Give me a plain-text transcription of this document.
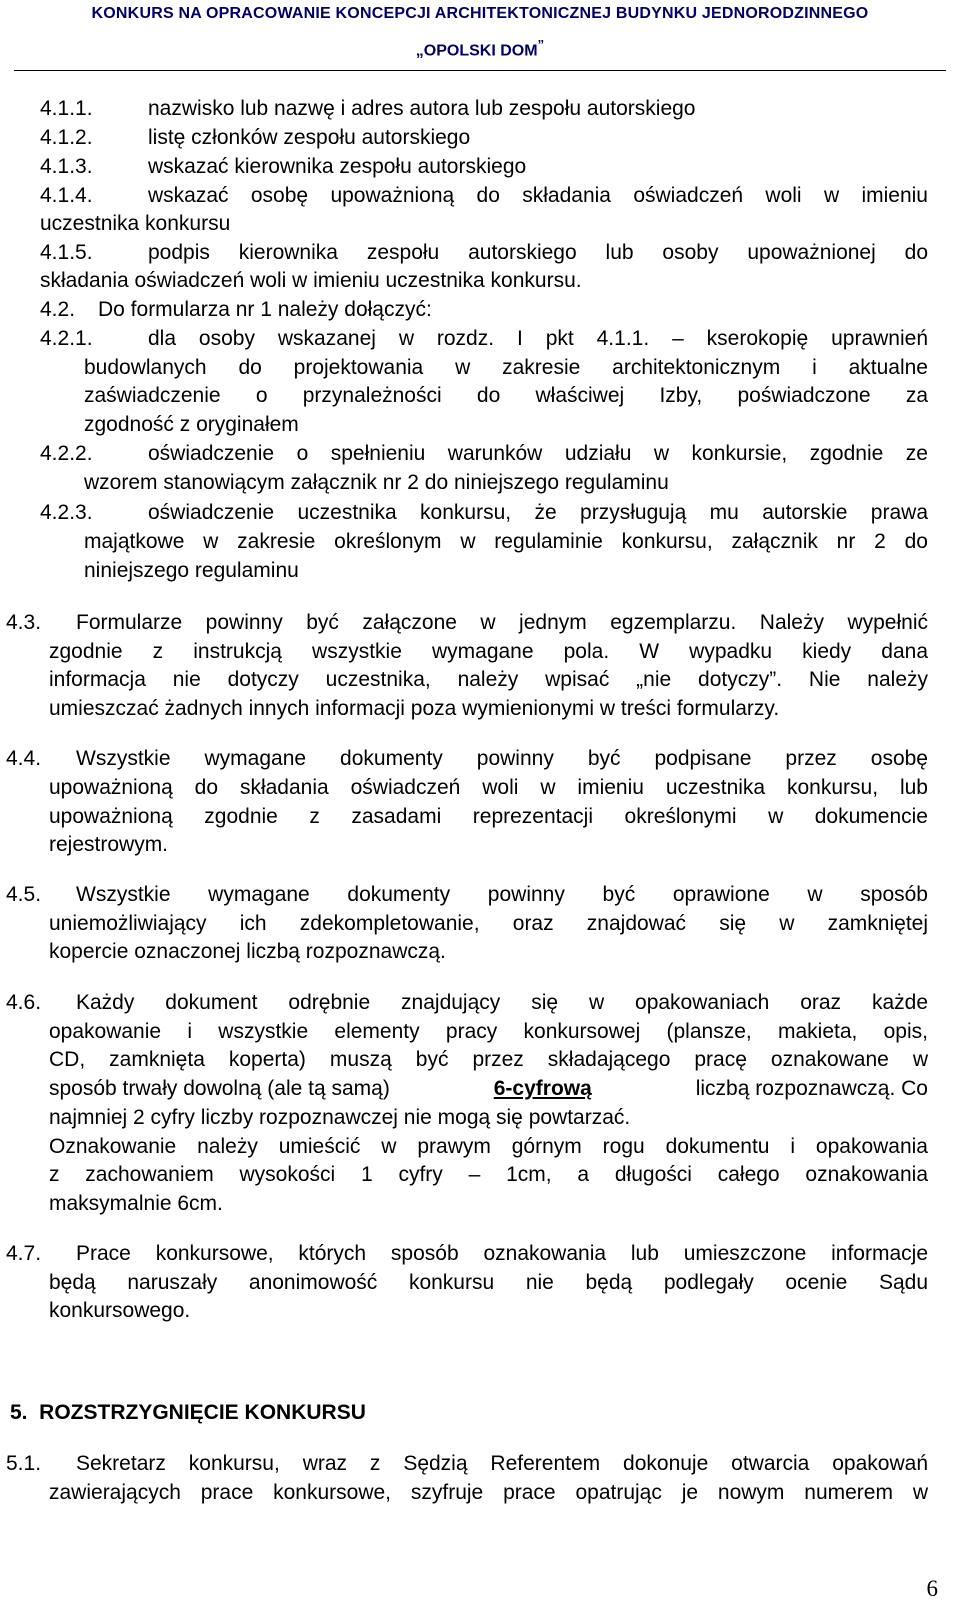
KONKURS NA OPRACOWANIE KONCEPCJI ARCHITEKTONICZNEJ BUDYNKU JEDNORODZINNEGO
„OPOLSKI DOM”
4.1.1.	nazwisko lub nazwę i adres autora lub zespołu autorskiego
4.1.2.	listę członków zespołu autorskiego
4.1.3.	wskazać kierownika zespołu autorskiego
4.1.4.	wskazać osobę upoważnioną do składania oświadczeń woli w imieniu
uczestnika konkursu
4.1.5.	podpis kierownika zespołu autorskiego lub osoby upoważnionej do
składania oświadczeń woli w imieniu uczestnika konkursu.
4.2. Do formularza nr 1 należy dołączyć:
4.2.1.	dla osoby wskazanej w rozdz. I pkt 4.1.1. – kserokopię uprawnień
budowlanych do projektowania w zakresie architektonicznym i aktualne
zaświadczenie o przynależności do właściwej Izby, poświadczone za
zgodność z oryginałem
4.2.2.	oświadczenie o spełnieniu warunków udziału w konkursie, zgodnie ze
wzorem stanowiącym załącznik nr 2 do niniejszego regulaminu
4.2.3.	oświadczenie uczestnika konkursu, że przysługują mu autorskie prawa
majątkowe w zakresie określonym w regulaminie konkursu, załącznik nr 2 do
niniejszego regulaminu
4.3. Formularze powinny być załączone w jednym egzemplarzu. Należy wypełnić
zgodnie z instrukcją wszystkie wymagane pola. W wypadku kiedy dana
informacja nie dotyczy uczestnika, należy wpisać „nie dotyczy”. Nie należy
umieszczać żadnych innych informacji poza wymienionymi w treści formularzy.
4.4. Wszystkie wymagane dokumenty powinny być podpisane przez osobę
upoważnioną do składania oświadczeń woli w imieniu uczestnika konkursu, lub
upoważnioną zgodnie z zasadami reprezentacji określonymi w dokumencie
rejestrowym.
4.5. Wszystkie wymagane dokumenty powinny być oprawione w sposób
uniemożliwiający ich zdekompletowanie, oraz znajdować się w zamkniętej
kopercie oznaczonej liczbą rozpoznawczą.
4.6. Każdy dokument odrębnie znajdujący się w opakowaniach oraz każde
opakowanie i wszystkie elementy pracy konkursowej (plansze, makieta, opis,
CD, zamknięta koperta) muszą być przez składającego pracę oznakowane w
sposób trwały dowolną (ale tą samą)	6-cyfrową	liczbą rozpoznawczą. Co
najmniej 2 cyfry liczby rozpoznawczej nie mogą się powtarzać.
Oznakowanie należy umieścić w prawym górnym rogu dokumentu i opakowania
z zachowaniem wysokości 1 cyfry – 1cm, a długości całego oznakowania
maksymalnie 6cm.
4.7. Prace konkursowe, których sposób oznakowania lub umieszczone informacje
będą naruszały anonimowość konkursu nie będą podlegały ocenie Sądu
konkursowego.
5.  ROZSTRZYGNIĘCIE KONKURSU
5.1. Sekretarz konkursu, wraz z Sędzią Referentem dokonuje otwarcia opakowań
zawierających prace konkursowe, szyfruje prace opatrując je nowym numerem w
6
